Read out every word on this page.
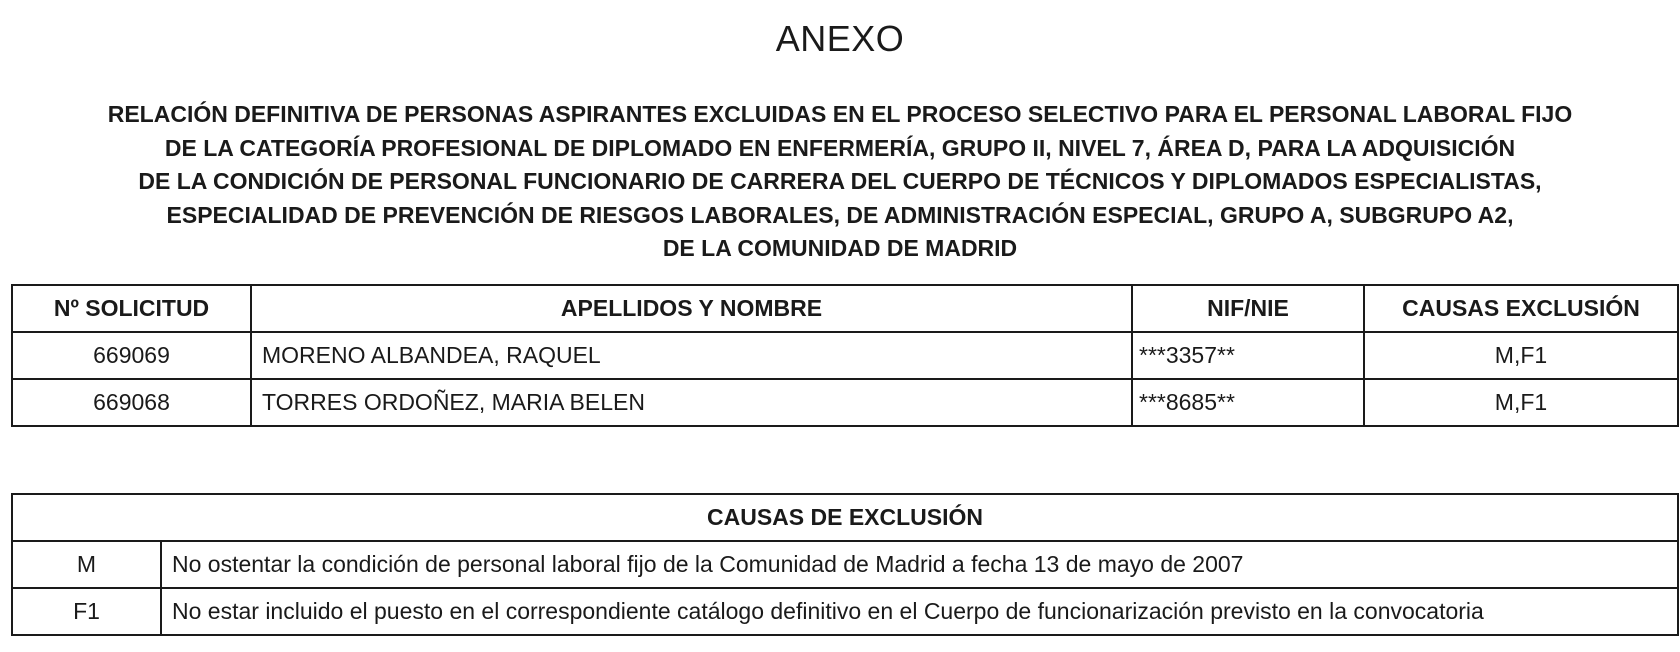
ANEXO
RELACIÓN DEFINITIVA DE PERSONAS ASPIRANTES EXCLUIDAS EN EL PROCESO SELECTIVO PARA EL PERSONAL LABORAL FIJO
DE LA CATEGORÍA PROFESIONAL DE DIPLOMADO EN ENFERMERÍA, GRUPO II, NIVEL 7, ÁREA D, PARA LA ADQUISICIÓN
DE LA CONDICIÓN DE PERSONAL FUNCIONARIO DE CARRERA DEL CUERPO DE TÉCNICOS Y DIPLOMADOS ESPECIALISTAS,
ESPECIALIDAD DE PREVENCIÓN DE RIESGOS LABORALES, DE ADMINISTRACIÓN ESPECIAL, GRUPO A, SUBGRUPO A2,
DE LA COMUNIDAD DE MADRID
Nº SOLICITUD	APELLIDOS Y NOMBRE	NIF/NIE	CAUSAS EXCLUSIÓN
669069	MORENO ALBANDEA, RAQUEL	***3357**	M,F1
669068	TORRES ORDOÑEZ, MARIA BELEN	***8685**	M,F1
CAUSAS DE EXCLUSIÓN	
M	No ostentar la condición de personal laboral fijo de la Comunidad de Madrid a fecha 13 de mayo de 2007
F1	No estar incluido el puesto en el correspondiente catálogo definitivo en el Cuerpo de funcionarización previsto en la convocatoria
